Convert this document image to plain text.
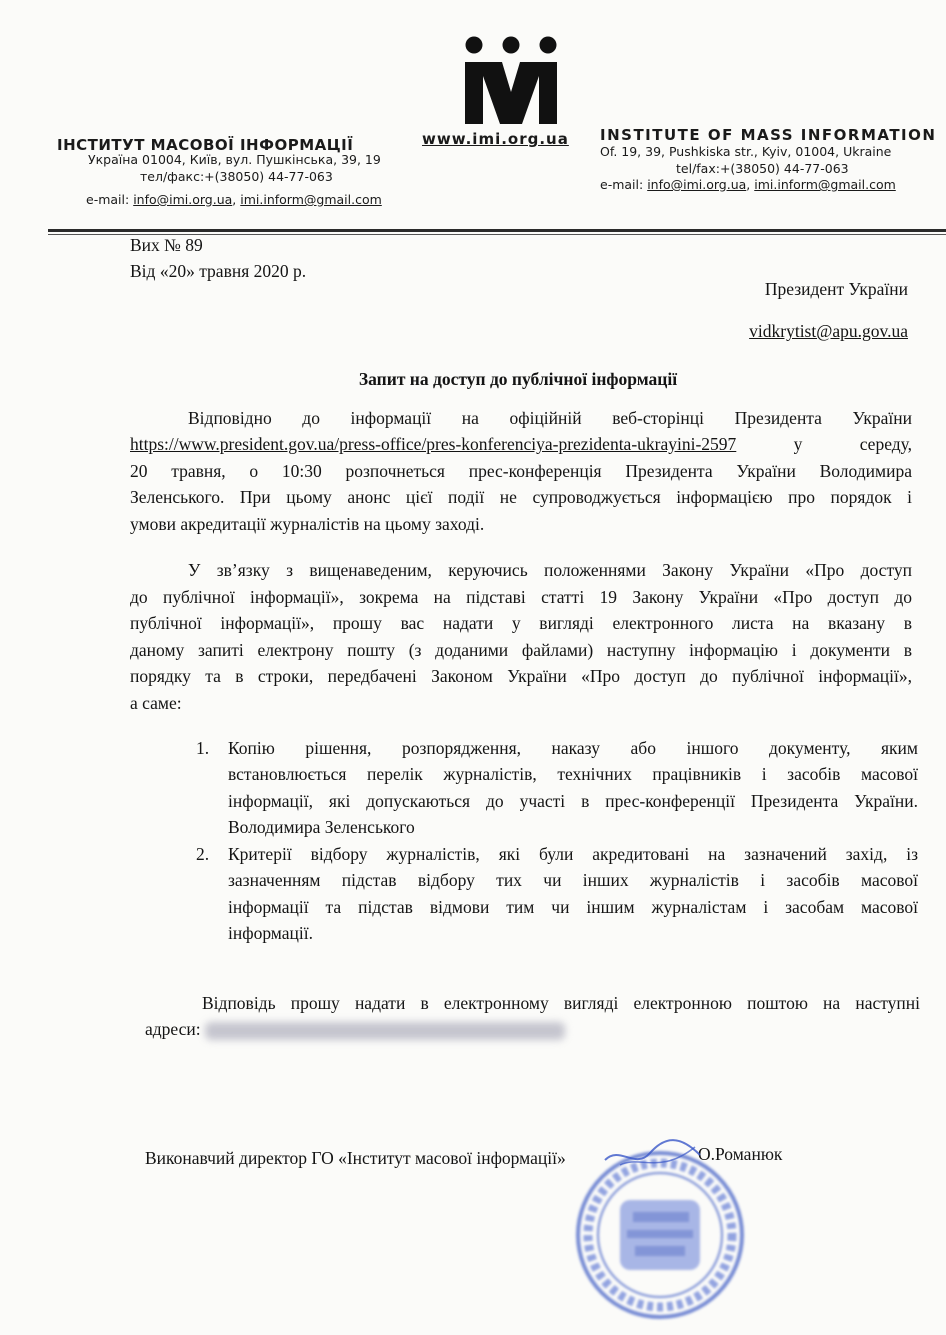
ІНСТИТУТ МАСОВОЇ ІНФОРМАЦІЇ
Україна 01004, Київ, вул. Пушкінська, 39, 19
тел/факс:+(38050) 44-77-063
e-mail: info@imi.org.ua, imi.inform@gmail.com
www.imi.org.ua INSTITUTE OF MASS INFORMATION
Of. 19, 39, Pushkiska str., Kyiv, 01004, Ukraine
tel/fax:+(38050) 44-77-063
e-mail: info@imi.org.ua, imi.inform@gmail.com
Вих № 89
Від «20» травня 2020 р.
Президент України
vidkrytist@apu.gov.ua
Запит на доступ до публічної інформації
Відповідно до інформації на офіційній веб-сторінці Президента України
https://www.president.gov.ua/press-office/pres-konferenciya-prezidenta-ukrayini-2597	у середу,
20 травня, о 10:30 розпочнеться прес-конференція Президента України Володимира
Зеленського. При цьому анонс цієї події не супроводжується інформацією про порядок і
умови акредитації журналістів на цьому заході.
У зв’язку з вищенаведеним, керуючись положеннями Закону України «Про доступ
до публічної інформації», зокрема на підставі статті 19 Закону України «Про доступ до
публічної інформації», прошу вас надати у вигляді електронного листа на вказану в
даному запиті електрону пошту (з доданими файлами) наступну інформацію і документи в
порядку та в строки, передбачені Законом України «Про доступ до публічної інформації»,
а саме:
1. Копію рішення, розпорядження, наказу або іншого документу, яким
встановлюється перелік журналістів, технічних працівників і засобів масової
інформації, які допускаються до участі в прес-конференції Президента України.
Володимира Зеленського
2. Критерії відбору журналістів, які були акредитовані на зазначений захід, із
зазначенням підстав відбору тих чи інших журналістів і засобів масової
інформації та підстав відмови тим чи іншим журналістам і засобам масової
інформації.
Відповідь прошу надати в електронному вигляді електронною поштою на наступні
адреси:
Виконавчий директор ГО «Інститут масової інформації»	О.Романюк
